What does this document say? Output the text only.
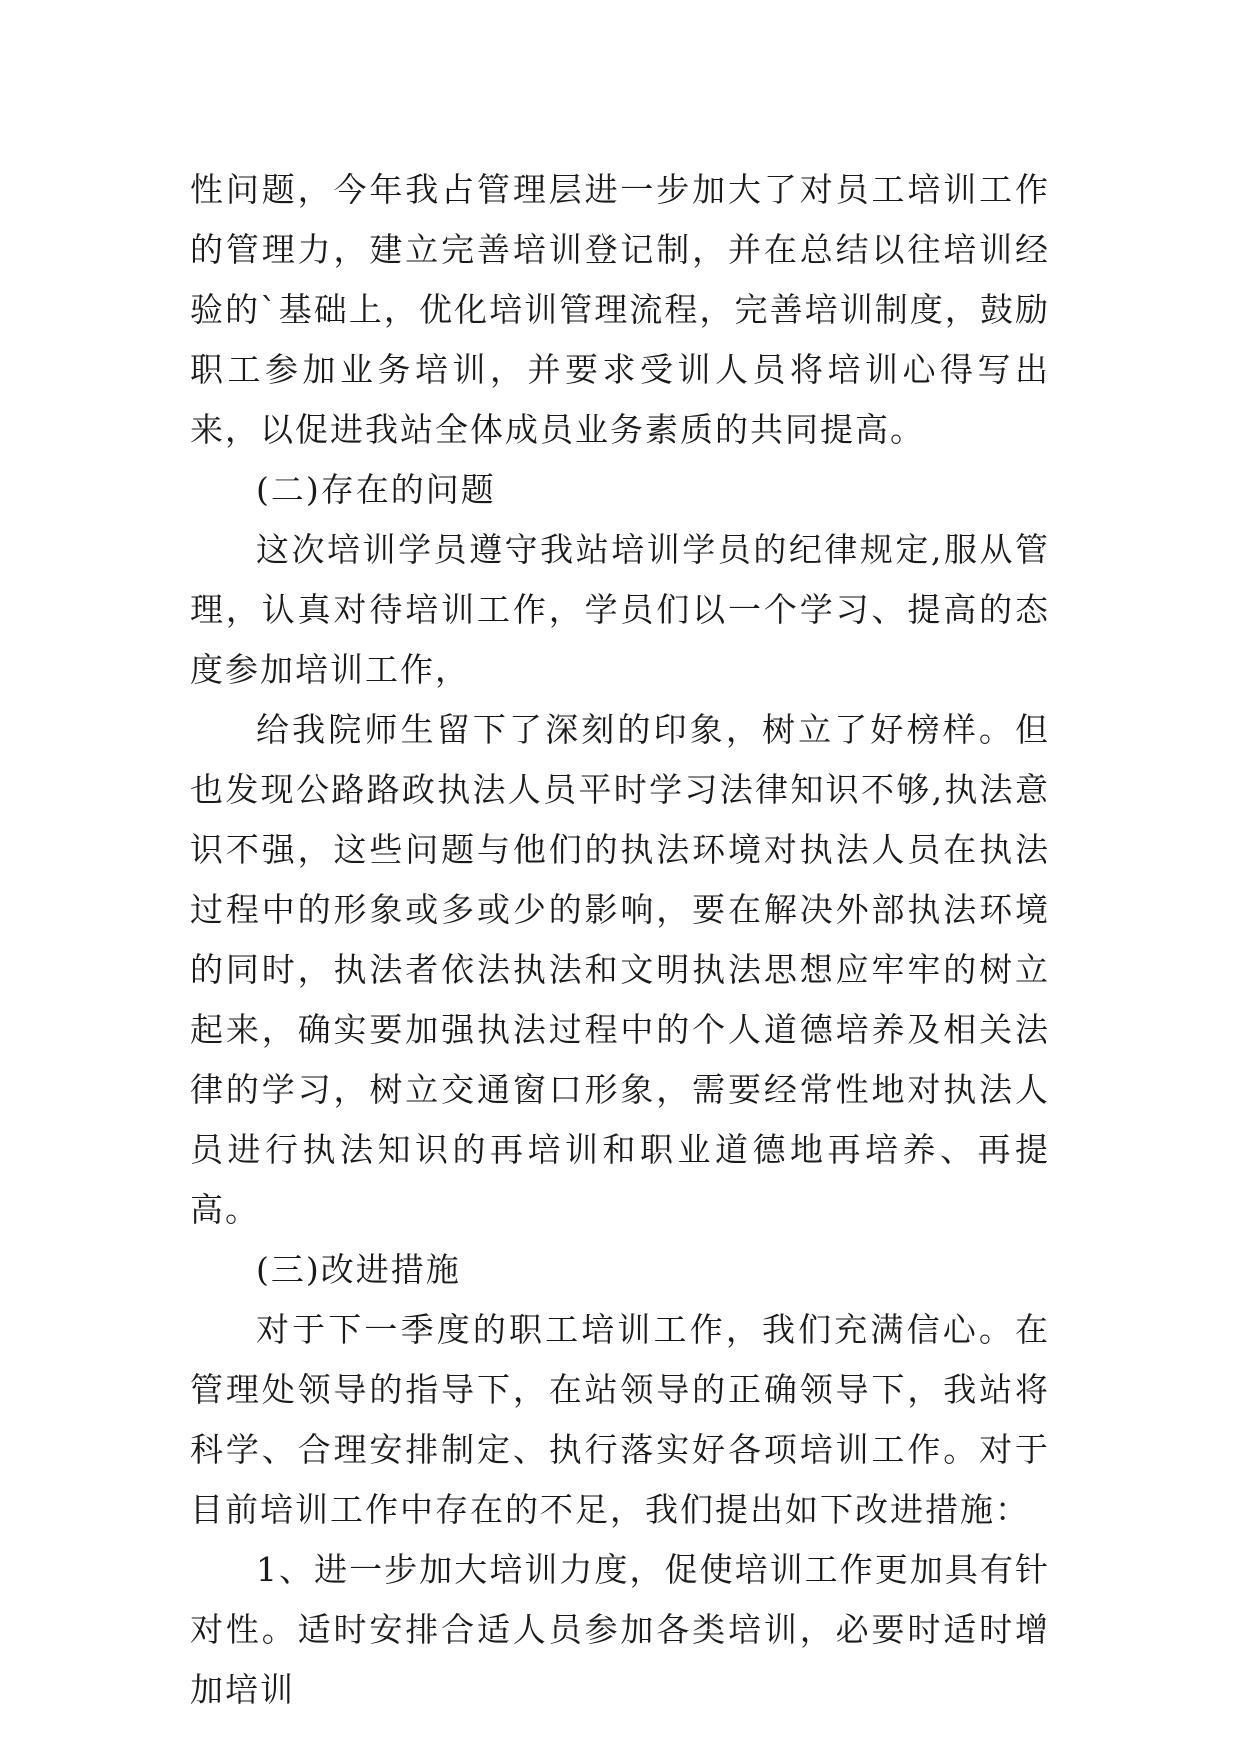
性问题，今年我占管理层进一步加大了对员工培训工作的管理力，建立完善培训登记制，并在总结以往培训经验的`基础上，优化培训管理流程，完善培训制度，鼓励职工参加业务培训，并要求受训人员将培训心得写出来，以促进我站全体成员业务素质的共同提高。

(二)存在的问题

这次培训学员遵守我站培训学员的纪律规定,服从管理，认真对待培训工作，学员们以一个学习、提高的态度参加培训工作，

给我院师生留下了深刻的印象，树立了好榜样。但也发现公路路政执法人员平时学习法律知识不够,执法意识不强，这些问题与他们的执法环境对执法人员在执法过程中的形象或多或少的影响，要在解决外部执法环境的同时，执法者依法执法和文明执法思想应牢牢的树立起来，确实要加强执法过程中的个人道德培养及相关法律的学习，树立交通窗口形象，需要经常性地对执法人员进行执法知识的再培训和职业道德地再培养、再提高。

(三)改进措施

对于下一季度的职工培训工作，我们充满信心。在管理处领导的指导下，在站领导的正确领导下，我站将科学、合理安排制定、执行落实好各项培训工作。对于目前培训工作中存在的不足，我们提出如下改进措施：

1、进一步加大培训力度，促使培训工作更加具有针对性。适时安排合适人员参加各类培训，必要时适时增加培训
